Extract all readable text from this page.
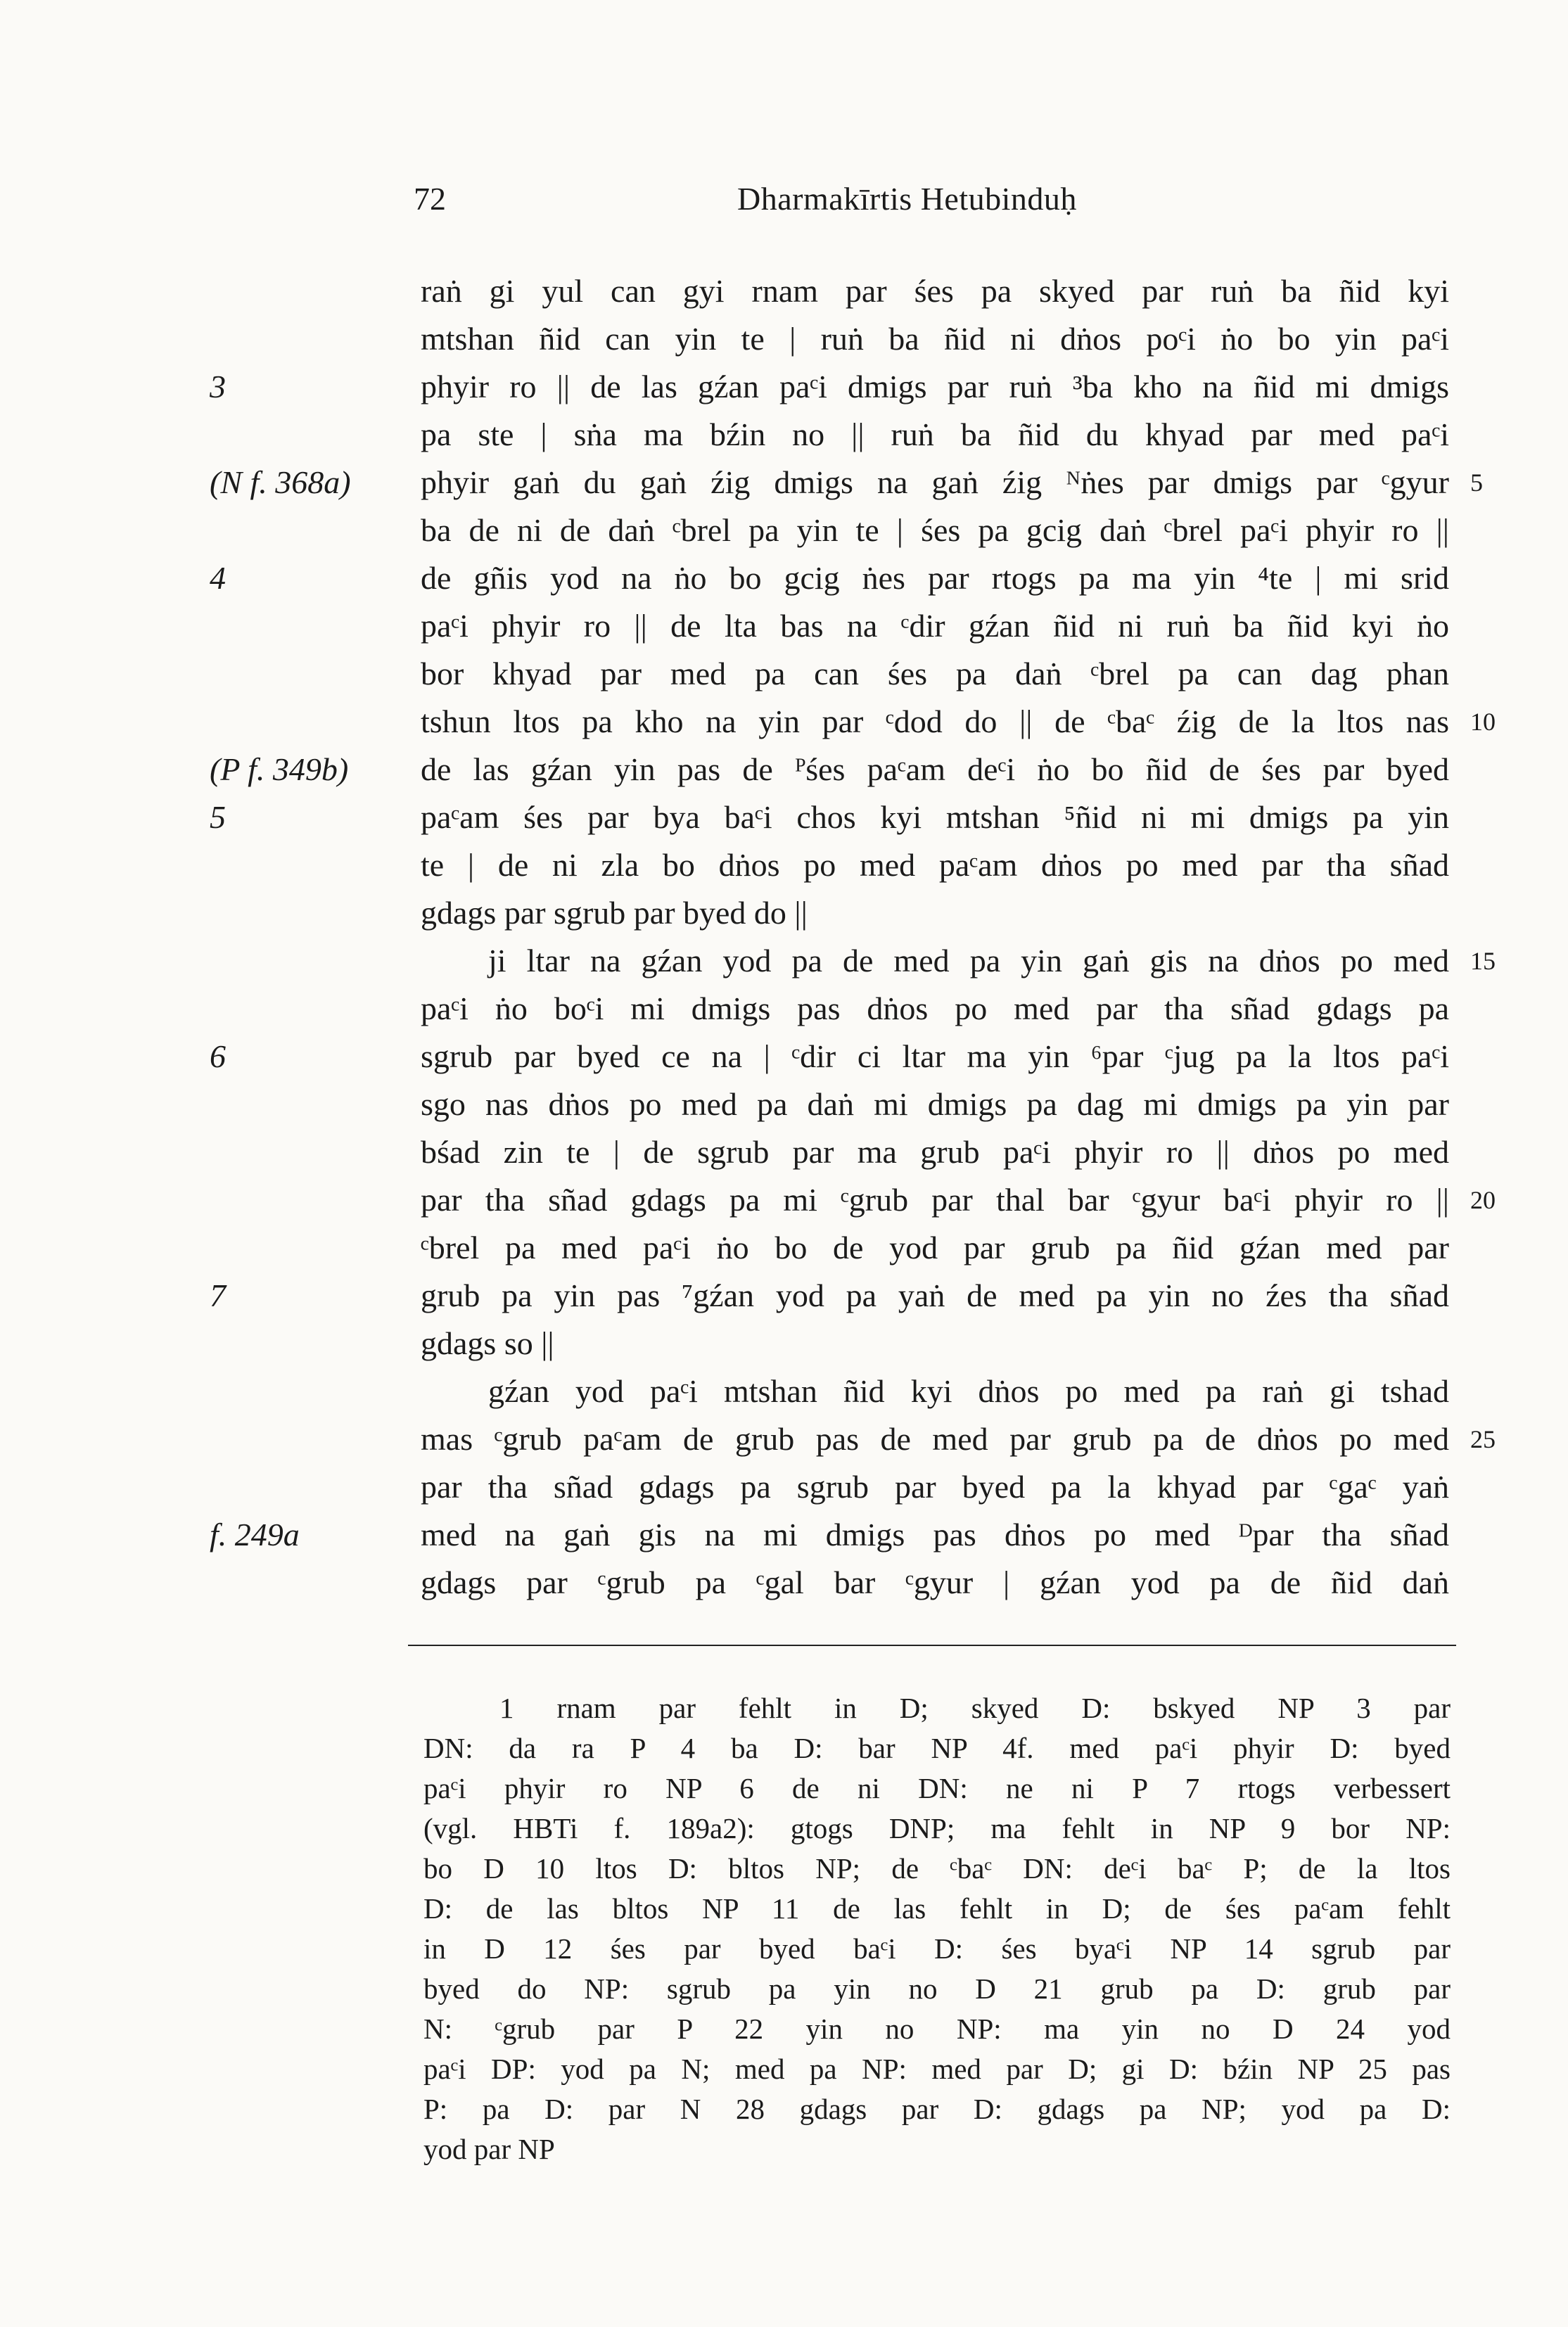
72	Dharmakīrtis Hetubinduḥ
raṅ gi yul can gyi rnam par śes pa skyed par ruṅ ba ñid kyi
mtshan ñid can yin te | ruṅ ba ñid ni dṅos poᶜi ṅo bo yin paᶜi
3	phyir ro || de las gźan paᶜi dmigs par ruṅ ³ba kho na ñid mi dmigs
pa ste | sṅa ma bźin no || ruṅ ba ñid du khyad par med paᶜi
(N f. 368a) phyir gaṅ du gaṅ źig dmigs na gaṅ źig ᴺṅes par dmigs par ᶜgyur 5
ba de ni de daṅ ᶜbrel pa yin te | śes pa gcig daṅ ᶜbrel paᶜi phyir ro ||
4	de gñis yod na ṅo bo gcig ṅes par rtogs pa ma yin ⁴te | mi srid
paᶜi phyir ro || de lta bas na ᶜdir gźan ñid ni ruṅ ba ñid kyi ṅo
bor khyad par med pa can śes pa daṅ ᶜbrel pa can dag phan
tshun ltos pa kho na yin par ᶜdod do || de ᶜbaᶜ źig de la ltos nas 10
(P f. 349b) de las gźan yin pas de ᴾśes paᶜam deᶜi ṅo bo ñid de śes par byed
5	paᶜam śes par bya baᶜi chos kyi mtshan ⁵ñid ni mi dmigs pa yin
te | de ni zla bo dṅos po med paᶜam dṅos po med par tha sñad
gdags par sgrub par byed do ||
ji ltar na gźan yod pa de med pa yin gaṅ gis na dṅos po med 15
paᶜi ṅo boᶜi mi dmigs pas dṅos po med par tha sñad gdags pa
6	sgrub par byed ce na | ᶜdir ci ltar ma yin ⁶par ᶜjug pa la ltos paᶜi
sgo nas dṅos po med pa daṅ mi dmigs pa dag mi dmigs pa yin par
bśad zin te | de sgrub par ma grub paᶜi phyir ro || dṅos po med
par tha sñad gdags pa mi ᶜgrub par thal bar ᶜgyur baᶜi phyir ro || 20
ᶜbrel pa med paᶜi ṅo bo de yod par grub pa ñid gźan med par
7	grub pa yin pas ⁷gźan yod pa yaṅ de med pa yin no źes tha sñad
gdags so ||
gźan yod paᶜi mtshan ñid kyi dṅos po med pa raṅ gi tshad
mas ᶜgrub paᶜam de grub pas de med par grub pa de dṅos po med 25
par tha sñad gdags pa sgrub par byed pa la khyad par ᶜgaᶜ yaṅ
f. 249a	med na gaṅ gis na mi dmigs pas dṅos po med ᴰpar tha sñad
gdags par ᶜgrub pa ᶜgal bar ᶜgyur | gźan yod pa de ñid daṅ
1 rnam par fehlt in D; skyed D: bskyed NP 3 par
DN: da ra P 4 ba D: bar NP 4f. med paᶜi phyir D: byed
paᶜi phyir ro NP 6 de ni DN: ne ni P 7 rtogs verbessert
(vgl. HBTi f. 189a2): gtogs DNP; ma fehlt in NP 9 bor NP:
bo D 10 ltos D: bltos NP; de ᶜbaᶜ DN: deᶜi baᶜ P; de la ltos
D: de las bltos NP 11 de las fehlt in D; de śes paᶜam fehlt
in D 12 śes par byed baᶜi D: śes byaᶜi NP 14 sgrub par
byed do NP: sgrub pa yin no D 21 grub pa D: grub par
N: ᶜgrub par P 22 yin no NP: ma yin no D 24 yod
paᶜi DP: yod pa N; med pa NP: med par D; gi D: bźin NP 25 pas
P: pa D: par N 28 gdags par D: gdags pa NP; yod pa D:
yod par NP
